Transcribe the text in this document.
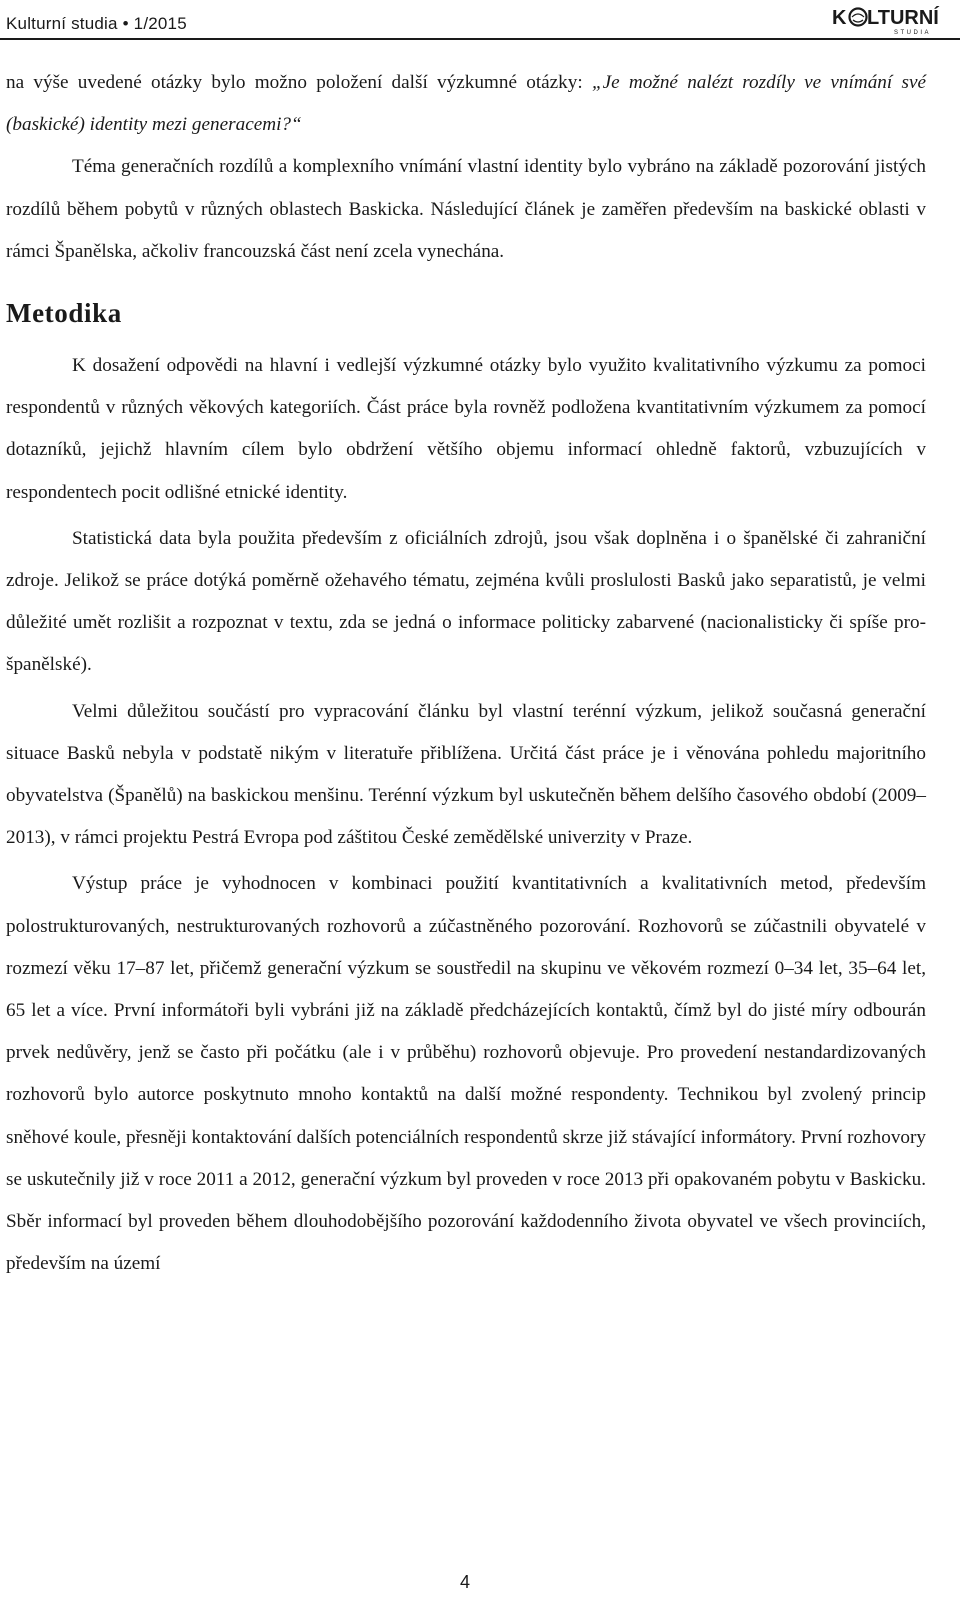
Kulturní studia • 1/2015	K LTURNÍ
STUDIA

na výše uvedené otázky bylo možno položení další výzkumné otázky: „Je možné nalézt rozdíly ve vnímání své (baskické) identity mezi generacemi?“

Téma generačních rozdílů a komplexního vnímání vlastní identity bylo vybráno na základě pozorování jistých rozdílů během pobytů v různých oblastech Baskicka. Následující článek je zaměřen především na baskické oblasti v rámci Španělska, ačkoliv francouzská část není zcela vynechána.

Metodika

K dosažení odpovědi na hlavní i vedlejší výzkumné otázky bylo využito kvalitativního výzkumu za pomoci respondentů v různých věkových kategoriích. Část práce byla rovněž podložena kvantitativním výzkumem za pomocí dotazníků, jejichž hlavním cílem bylo obdržení většího objemu informací ohledně faktorů, vzbuzujících v respondentech pocit odlišné etnické identity.

Statistická data byla použita především z oficiálních zdrojů, jsou však doplněna i o španělské či zahraniční zdroje. Jelikož se práce dotýká poměrně ožehavého tématu, zejména kvůli proslulosti Basků jako separatistů, je velmi důležité umět rozlišit a rozpoznat v textu, zda se jedná o informace politicky zabarvené (nacionalisticky či spíše pro-španělské).

Velmi důležitou součástí pro vypracování článku byl vlastní terénní výzkum, jelikož současná generační situace Basků nebyla v podstatě nikým v literatuře přiblížena. Určitá část práce je i věnována pohledu majoritního obyvatelstva (Španělů) na baskickou menšinu. Terénní výzkum byl uskutečněn během delšího časového období (2009–2013), v rámci projektu Pestrá Evropa pod záštitou České zemědělské univerzity v Praze.

Výstup práce je vyhodnocen v kombinaci použití kvantitativních a kvalitativních metod, především polostrukturovaných, nestrukturovaných rozhovorů a zúčastněného pozorování. Rozhovorů se zúčastnili obyvatelé v rozmezí věku 17–87 let, přičemž generační výzkum se soustředil na skupinu ve věkovém rozmezí 0–34 let, 35–64 let, 65 let a více. První informátoři byli vybráni již na základě předcházejících kontaktů, čímž byl do jisté míry odbourán prvek nedůvěry, jenž se často při počátku (ale i v průběhu) rozhovorů objevuje. Pro provedení nestandardizovaných rozhovorů bylo autorce poskytnuto mnoho kontaktů na další možné respondenty. Technikou byl zvolený princip sněhové koule, přesněji kontaktování dalších potenciálních respondentů skrze již stávající informátory. První rozhovory se uskutečnily již v roce 2011 a 2012, generační výzkum byl proveden v roce 2013 při opakovaném pobytu v Baskicku. Sběr informací byl proveden během dlouhodobějšího pozorování každodenního života obyvatel ve všech provinciích, především na území

4
